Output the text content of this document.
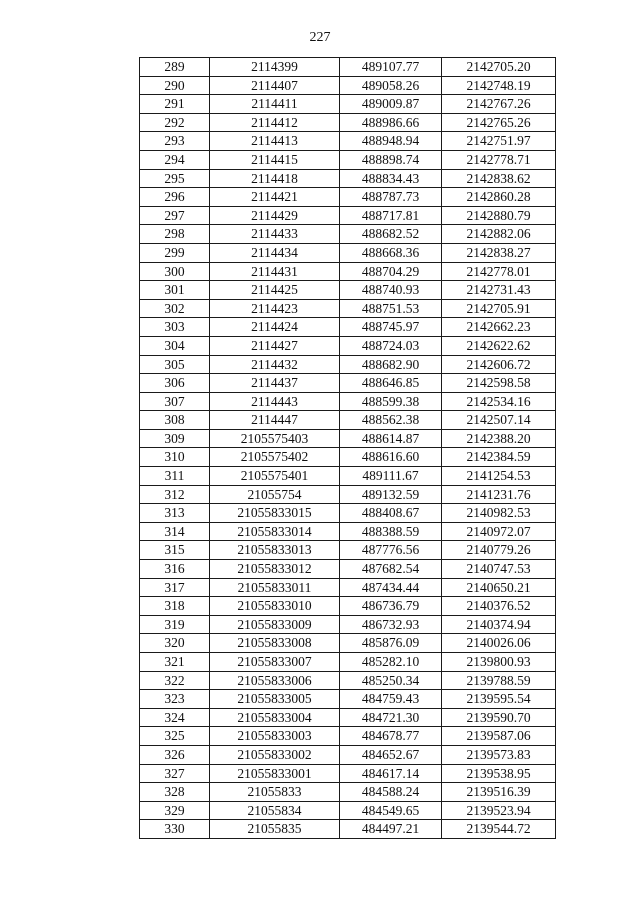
227
289	2114399	489107.77	2142705.20
290	2114407	489058.26	2142748.19
291	2114411	489009.87	2142767.26
292	2114412	488986.66	2142765.26
293	2114413	488948.94	2142751.97
294	2114415	488898.74	2142778.71
295	2114418	488834.43	2142838.62
296	2114421	488787.73	2142860.28
297	2114429	488717.81	2142880.79
298	2114433	488682.52	2142882.06
299	2114434	488668.36	2142838.27
300	2114431	488704.29	2142778.01
301	2114425	488740.93	2142731.43
302	2114423	488751.53	2142705.91
303	2114424	488745.97	2142662.23
304	2114427	488724.03	2142622.62
305	2114432	488682.90	2142606.72
306	2114437	488646.85	2142598.58
307	2114443	488599.38	2142534.16
308	2114447	488562.38	2142507.14
309	2105575403	488614.87	2142388.20
310	2105575402	488616.60	2142384.59
311	2105575401	489111.67	2141254.53
312	21055754	489132.59	2141231.76
313	21055833015	488408.67	2140982.53
314	21055833014	488388.59	2140972.07
315	21055833013	487776.56	2140779.26
316	21055833012	487682.54	2140747.53
317	21055833011	487434.44	2140650.21
318	21055833010	486736.79	2140376.52
319	21055833009	486732.93	2140374.94
320	21055833008	485876.09	2140026.06
321	21055833007	485282.10	2139800.93
322	21055833006	485250.34	2139788.59
323	21055833005	484759.43	2139595.54
324	21055833004	484721.30	2139590.70
325	21055833003	484678.77	2139587.06
326	21055833002	484652.67	2139573.83
327	21055833001	484617.14	2139538.95
328	21055833	484588.24	2139516.39
329	21055834	484549.65	2139523.94
330	21055835	484497.21	2139544.72
